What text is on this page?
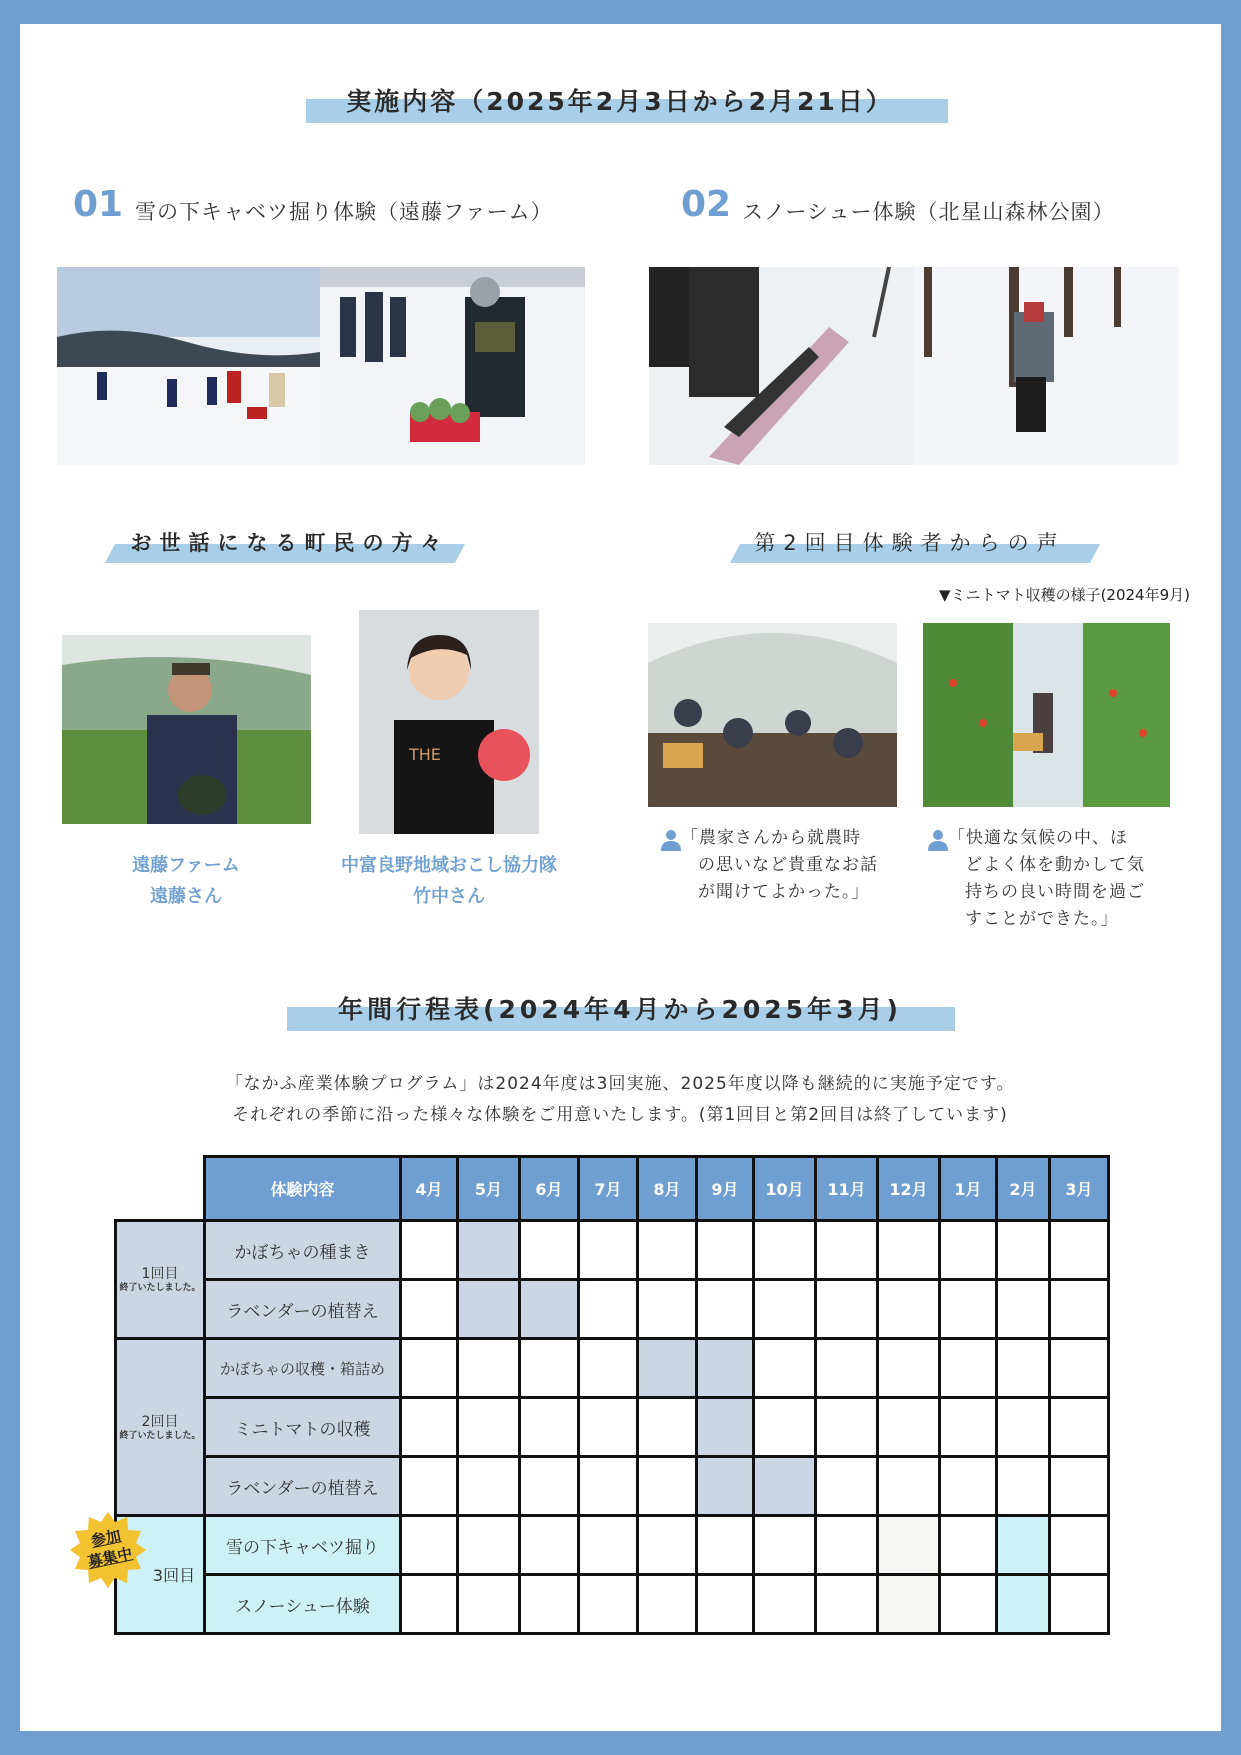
実施内容（2025年2月3日から2月21日）
01 雪の下キャベツ掘り体験（遠藤ファーム）	02 スノーシュー体験（北星山森林公園）
お世話になる町民の方々
THE
遠藤ファーム
遠藤さん
中富良野地域おこし協力隊
竹中さん
第2回目体験者からの声
▼ミニトマト収穫の様子(2024年9月)
「農家さんから就農時
の思いなど貴重なお話
が聞けてよかった。」
「快適な気候の中、ほ
どよく体を動かして気
持ちの良い時間を過ご
すことができた。」
年間行程表(2024年4月から2025年3月)
「なかふ産業体験プログラム」は2024年度は3回実施、2025年度以降も継続的に実施予定です。
それぞれの季節に沿った様々な体験をご用意いたします。(第1回目と第2回目は終了しています)
	体験内容	4月	5月	6月	7月	8月	9月	10月	11月	12月	1月	2月	3月

1回目
終了いたしました。	かぼちゃの種まき												
	ラベンダーの植替え												

2回目
終了いたしました。	かぼちゃの収穫・箱詰め												
	ミニトマトの収穫												
	ラベンダーの植替え												

3回目	雪の下キャベツ掘り												
	スノーシュー体験												
参加
募集中
